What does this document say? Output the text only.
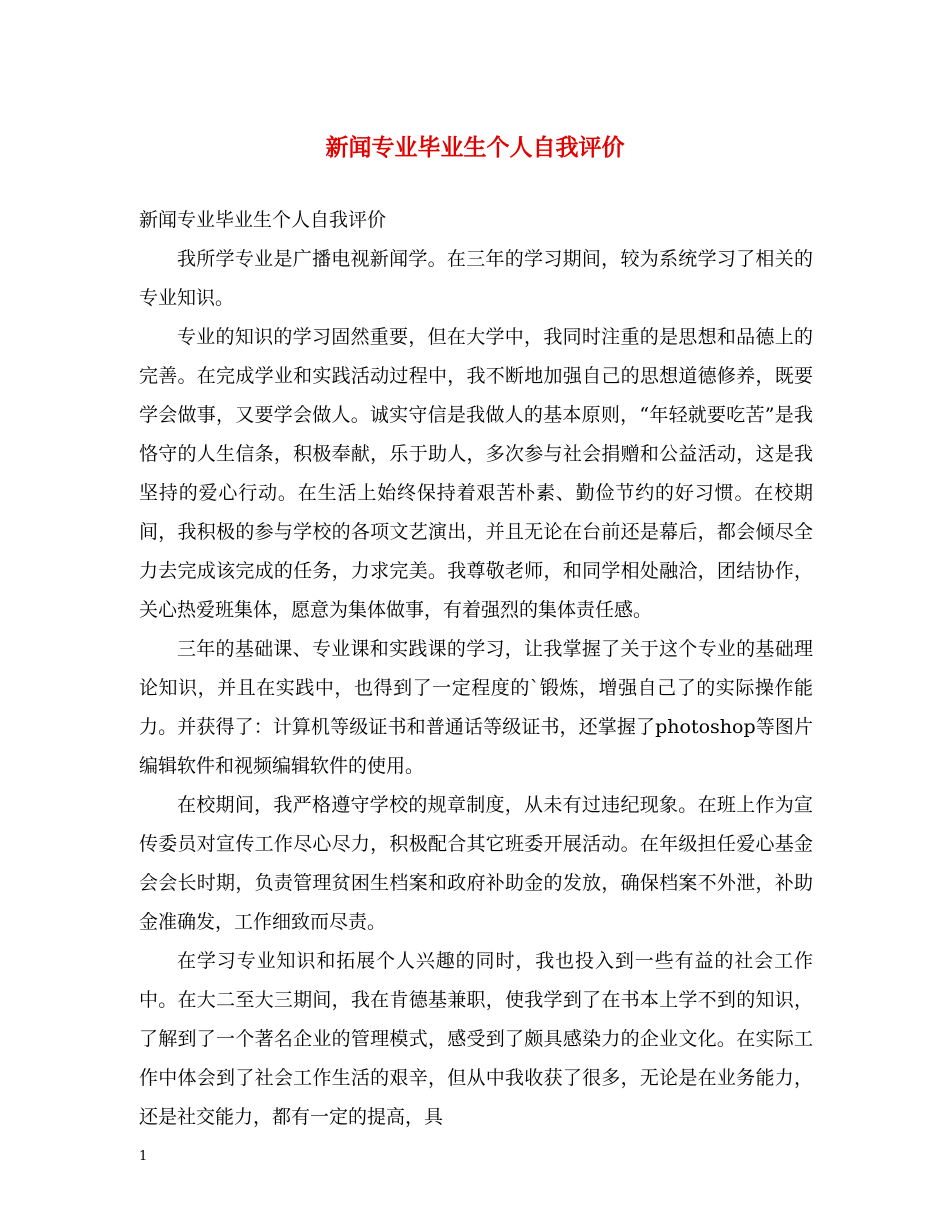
新闻专业毕业生个人自我评价

新闻专业毕业生个人自我评价

我所学专业是广播电视新闻学。在三年的学习期间，较为系统学习了相关的专业知识。

专业的知识的学习固然重要，但在大学中，我同时注重的是思想和品德上的完善。在完成学业和实践活动过程中，我不断地加强自己的思想道德修养，既要学会做事，又要学会做人。诚实守信是我做人的基本原则，“年轻就要吃苦”是我恪守的人生信条，积极奉献，乐于助人，多次参与社会捐赠和公益活动，这是我坚持的爱心行动。在生活上始终保持着艰苦朴素、勤俭节约的好习惯。在校期间，我积极的参与学校的各项文艺演出，并且无论在台前还是幕后，都会倾尽全力去完成该完成的任务，力求完美。我尊敬老师，和同学相处融洽，团结协作，关心热爱班集体，愿意为集体做事，有着强烈的集体责任感。

三年的基础课、专业课和实践课的学习，让我掌握了关于这个专业的基础理论知识，并且在实践中，也得到了一定程度的`锻炼，增强自己了的实际操作能力。并获得了：计算机等级证书和普通话等级证书，还掌握了photoshop等图片编辑软件和视频编辑软件的使用。

在校期间，我严格遵守学校的规章制度，从未有过违纪现象。在班上作为宣传委员对宣传工作尽心尽力，积极配合其它班委开展活动。在年级担任爱心基金会会长时期，负责管理贫困生档案和政府补助金的发放，确保档案不外泄，补助金准确发，工作细致而尽责。

在学习专业知识和拓展个人兴趣的同时，我也投入到一些有益的社会工作中。在大二至大三期间，我在肯德基兼职，使我学到了在书本上学不到的知识，了解到了一个著名企业的管理模式，感受到了颇具感染力的企业文化。在实际工作中体会到了社会工作生活的艰辛，但从中我收获了很多，无论是在业务能力，还是社交能力，都有一定的提高，具

1
